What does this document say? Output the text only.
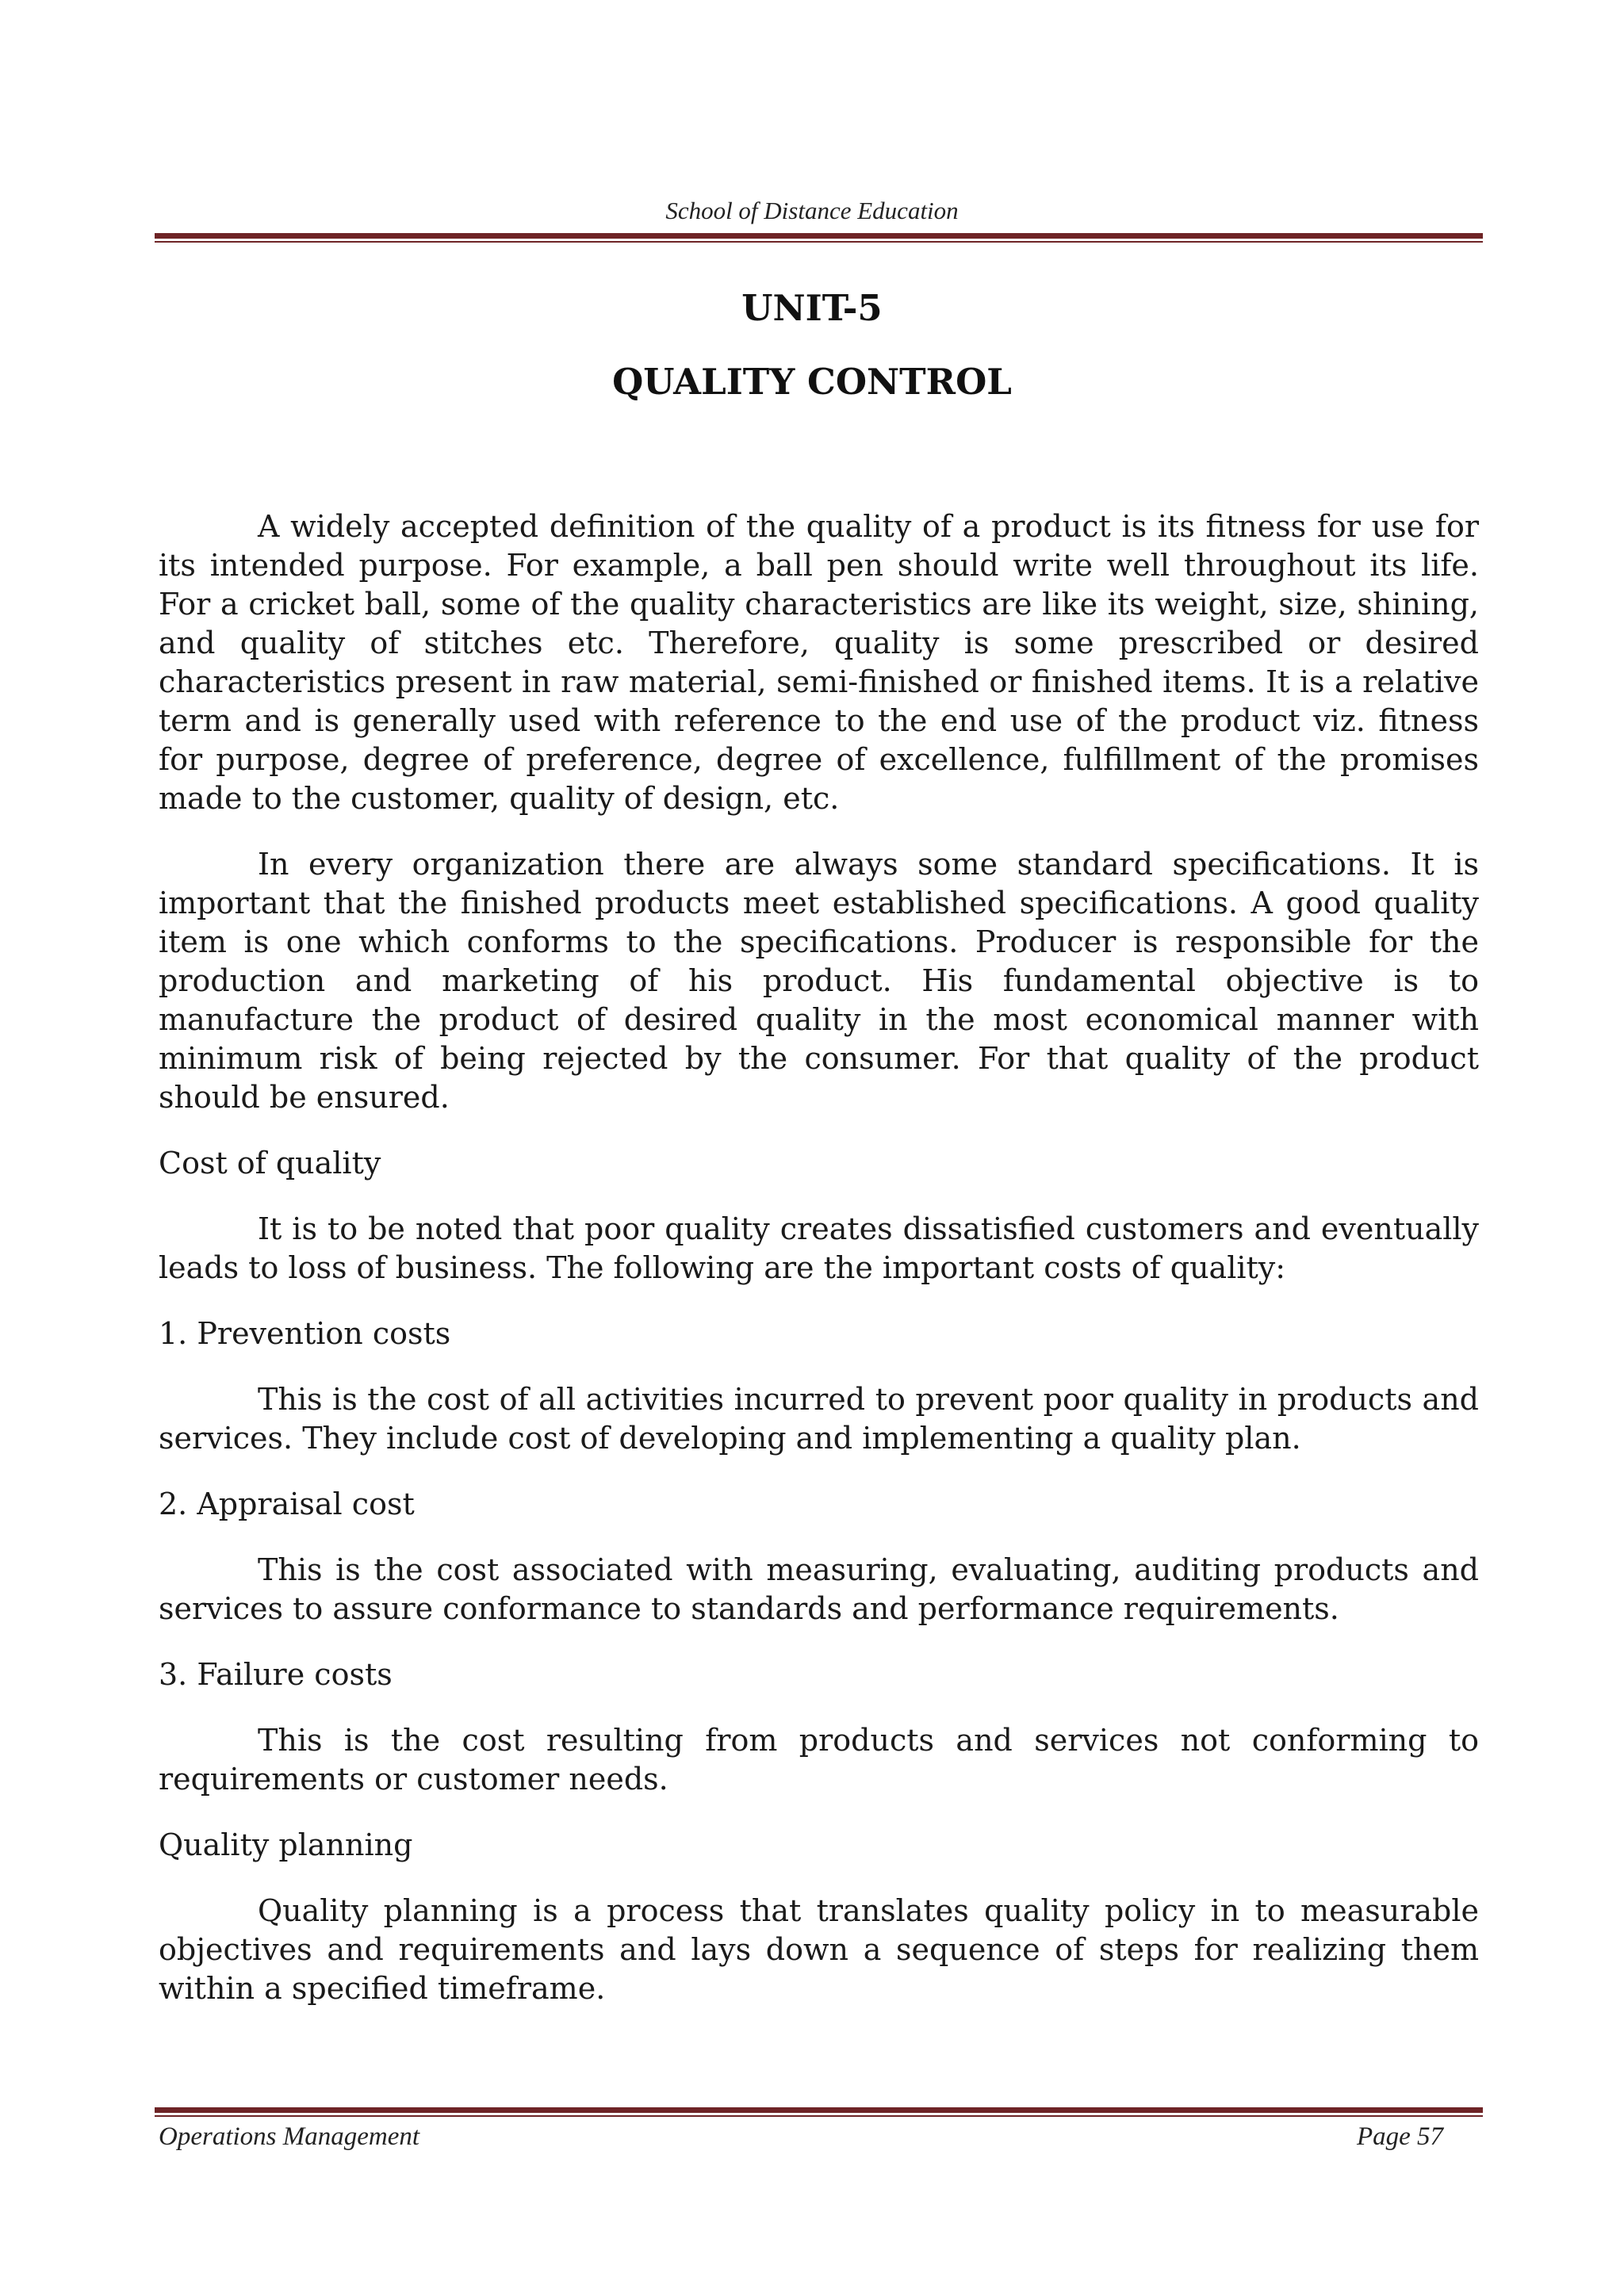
School of Distance Education
UNIT-5
QUALITY CONTROL

A widely accepted definition of the quality of a product is its fitness for use for its intended purpose. For example, a ball pen should write well throughout its life. For a cricket ball, some of the quality characteristics are like its weight, size, shining, and quality of stitches etc. Therefore, quality is some prescribed or desired characteristics present in raw material, semi-finished or finished items. It is a relative term and is generally used with reference to the end use of the product viz. fitness for purpose, degree of preference, degree of excellence, fulfillment of the promises made to the customer, quality of design, etc.

In every organization there are always some standard specifications. It is important that the finished products meet established specifications. A good quality item is one which conforms to the specifications. Producer is responsible for the production and marketing of his product. His fundamental objective is to manufacture the product of desired quality in the most economical manner with minimum risk of being rejected by the consumer. For that quality of the product should be ensured.

Cost of quality

It is to be noted that poor quality creates dissatisfied customers and eventually leads to loss of business. The following are the important costs of quality:

1. Prevention costs

This is the cost of all activities incurred to prevent poor quality in products and services. They include cost of developing and implementing a quality plan.

2. Appraisal cost

This is the cost associated with measuring, evaluating, auditing products and services to assure conformance to standards and performance requirements.

3. Failure costs

This is the cost resulting from products and services not conforming to requirements or customer needs.

Quality planning

Quality planning is a process that translates quality policy in to measurable objectives and requirements and lays down a sequence of steps for realizing them within a specified timeframe.

Operations Management	Page 57
